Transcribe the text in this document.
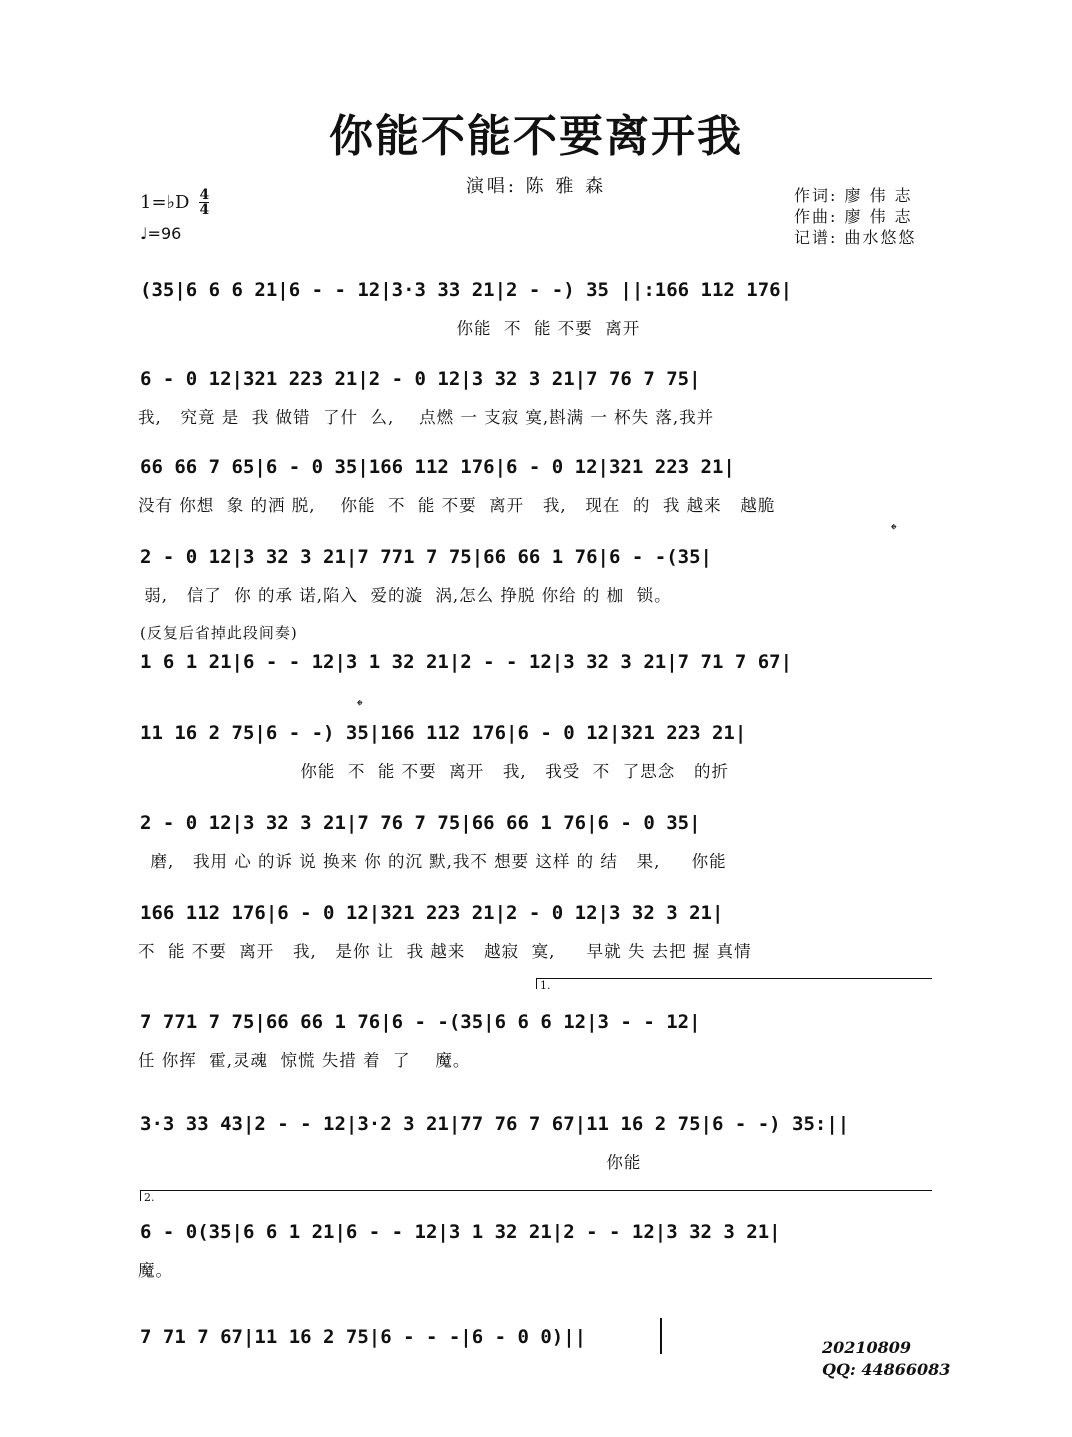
你能不能不要离开我
演唱: 陈 雅 森
1=♭D 4
4
♩=96
作词: 廖 伟 志
作曲: 廖 伟 志
记谱: 曲水悠悠
(反复后省掉此段间奏)
𝄌
𝄌
1.
2.
(35|6 6 6 21|6 - - 12|3·3 33 21|2 - -) 35 ||:166 112 176|
你能  不  能 不要  离开
6 - 0 12|321 223 21|2 - 0 12|3 32 3 21|7 76 7 75|
我,   究竟 是  我 做错  了什  么,    点燃 一 支寂 寞,斟满 一 杯失 落,我并
66 66 7 65|6 - 0 35|166 112 176|6 - 0 12|321 223 21|
没有 你想  象 的洒 脱,    你能  不  能 不要  离开   我,   现在  的  我 越来   越脆
2 - 0 12|3 32 3 21|7 771 7 75|66 66 1 76|6 - -(35|
弱,   信了  你 的承 诺,陷入  爱的漩  涡,怎么 挣脱 你给 的 枷  锁。
1 6 1 21|6 - - 12|3 1 32 21|2 - - 12|3 32 3 21|7 71 7 67|
11 16 2 75|6 - -) 35|166 112 176|6 - 0 12|321 223 21|
你能  不  能 不要  离开   我,   我受  不  了思念   的折
2 - 0 12|3 32 3 21|7 76 7 75|66 66 1 76|6 - 0 35|
磨,   我用 心 的诉 说 换来 你 的沉 默,我不 想要 这样 的 结   果,     你能
166 112 176|6 - 0 12|321 223 21|2 - 0 12|3 32 3 21|
不  能 不要  离开   我,   是你 让  我 越来   越寂  寞,     早就 失 去把 握 真情
7 771 7 75|66 66 1 76|6 - -(35|6 6 6 12|3 - - 12|
任 你挥  霍,灵魂  惊慌 失措 着  了    魔。
3·3 33 43|2 - - 12|3·2 3 21|77 76 7 67|11 16 2 75|6 - -) 35:||
你能
6 - 0(35|6 6 1 21|6 - - 12|3 1 32 21|2 - - 12|3 32 3 21|
魔。
7 71 7 67|11 16 2 75|6 - - -|6 - 0 0)||	20210809
QQ: 44866083
